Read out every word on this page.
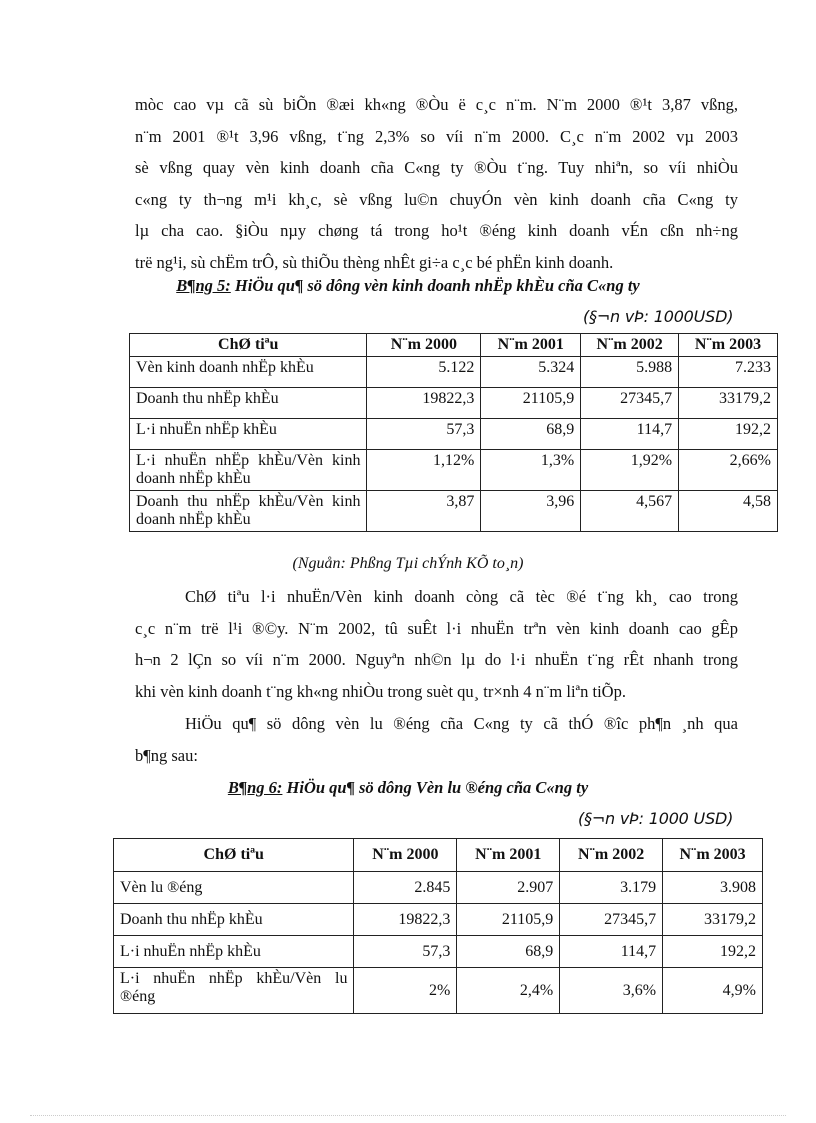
mòc cao vµ cã sù biÕn ®æi kh«ng ®Òu ë c¸c n¨m. N¨m 2000 ®¹t 3,87 vßng,
n¨m 2001 ®¹t 3,96 vßng, t¨ng 2,3% so víi n¨m 2000. C¸c n¨m 2002 vµ 2003
sè vßng quay vèn kinh doanh cña C«ng ty ®Òu t¨ng. Tuy nhiªn, so víi nhiÒu
c«ng ty th¬ng m¹i kh¸c, sè vßng lu©n chuyÓn vèn kinh doanh cña C«ng ty
lµ cha cao. §iÒu nµy chøng tá trong ho¹t ®éng kinh doanh vÉn cßn nh÷ng
trë ng¹i, sù chËm trÔ, sù thiÕu thèng nhÊt gi÷a c¸c bé phËn kinh doanh.

B¶ng 5: HiÖu qu¶ sö dông vèn kinh doanh nhËp khÈu cña C«ng ty

(§¬n vÞ: 1000USD)

ChØ tiªu	N¨m 2000	N¨m 2001	N¨m 2002	N¨m 2003
Vèn kinh doanh nhËp khÈu	5.122	5.324	5.988	7.233
Doanh thu nhËp khÈu	19822,3	21105,9	27345,7	33179,2
L·i nhuËn nhËp khÈu	57,3	68,9	114,7	192,2
L·i nhuËn nhËp khÈu/Vèn kinh doanh nhËp khÈu	1,12%	1,3%	1,92%	2,66%
Doanh thu nhËp khÈu/Vèn kinh doanh nhËp khÈu	3,87	3,96	4,567	4,58

(Nguån: Phßng Tµi chÝnh KÕ to¸n)

ChØ tiªu l·i nhuËn/Vèn kinh doanh còng cã tèc ®é t¨ng kh¸ cao trong
c¸c n¨m trë l¹i ®©y. N¨m 2002, tû suÊt l·i nhuËn trªn vèn kinh doanh cao gÊp
h¬n 2 lÇn so víi n¨m 2000. Nguyªn nh©n lµ do l·i nhuËn t¨ng rÊt nhanh trong
khi vèn kinh doanh t¨ng kh«ng nhiÒu trong suèt qu¸ tr×nh 4 n¨m liªn tiÕp.
HiÖu qu¶ sö dông vèn lu ®éng cña C«ng ty cã thÓ ®îc ph¶n ¸nh qua
b¶ng sau:

B¶ng 6: HiÖu qu¶ sö dông Vèn lu ®éng cña C«ng ty

(§¬n vÞ: 1000 USD)

ChØ tiªu	N¨m 2000	N¨m 2001	N¨m 2002	N¨m 2003
Vèn lu ®éng	2.845	2.907	3.179	3.908
Doanh thu nhËp khÈu	19822,3	21105,9	27345,7	33179,2
L·i nhuËn nhËp khÈu	57,3	68,9	114,7	192,2
L·i nhuËn nhËp khÈu/Vèn lu ®éng	2%	2,4%	3,6%	4,9%
